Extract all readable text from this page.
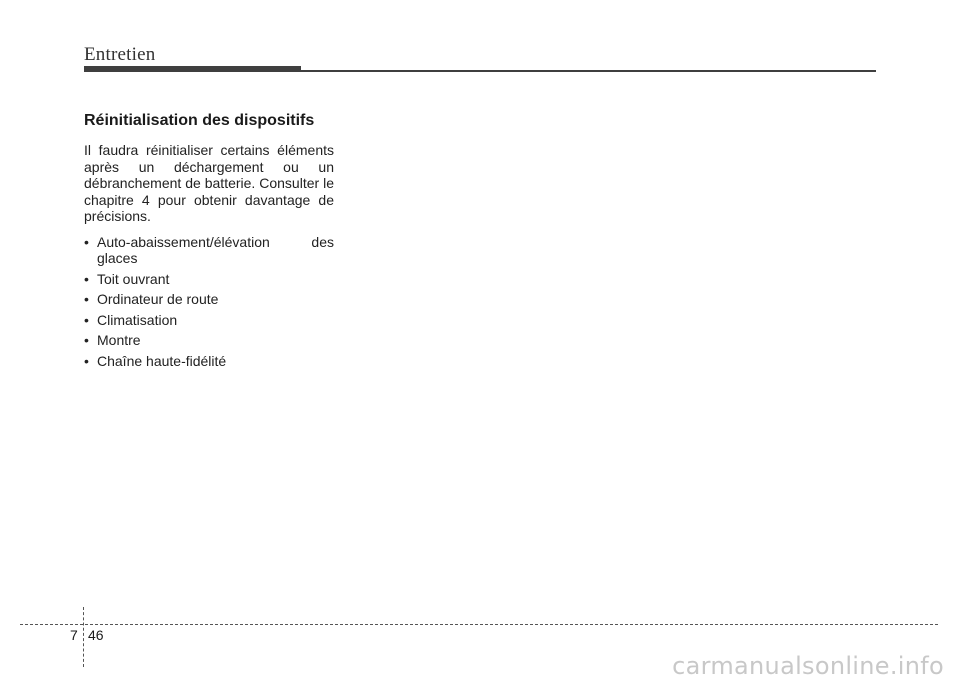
Entretien
Réinitialisation des dispositifs

Il faudra réinitialiser certains éléments après un déchargement ou un débranchement de batterie. Consulter le chapitre 4 pour obtenir davantage de précisions.

• Auto-abaissement/élévation des glaces
• Toit ouvrant
• Ordinateur de route
• Climatisation
• Montre
• Chaîne haute-fidélité
7 46
carmanualsonline.info
